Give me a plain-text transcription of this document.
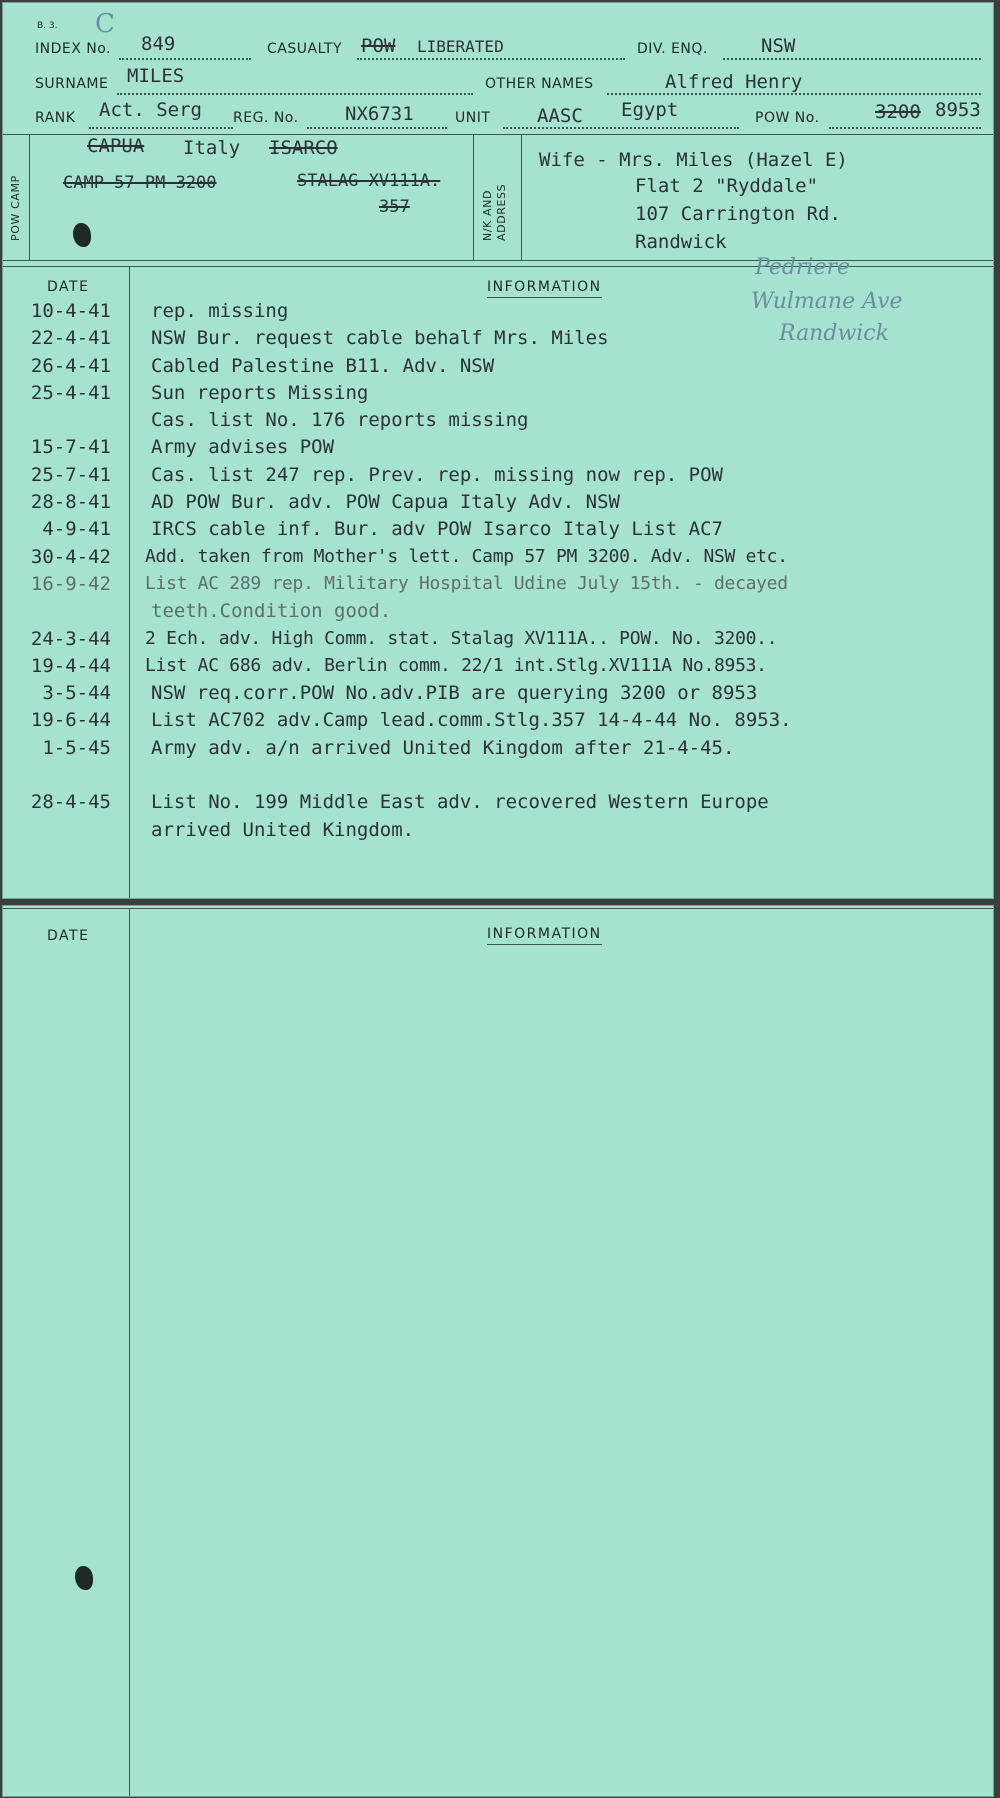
B. 3. C
INDEX No. 849	CASUALTY POW LIBERATED	DIV. ENQ.	NSW
SURNAME MILES	OTHER NAMES	Alfred Henry
RANK Act. Serg REG. No. NX6731	UNIT AASC Egypt	POW No.	3200 8953
POW CAMP	N/K AND ADDRESS
CAPUA Italy ISARCO
CAMP 57 PM 3200	STALAG XV111A.
357
Wife - Mrs. Miles (Hazel E)
Flat 2 "Ryddale"
107 Carrington Rd.
Randwick
DATE	INFORMATION
Pedriere
Wulmane Ave
Randwick
10-4-41 rep. missing
22-4-41 NSW Bur. request cable behalf Mrs. Miles
26-4-41 Cabled Palestine B11. Adv. NSW
25-4-41 Sun reports Missing
Cas. list No. 176 reports missing
15-7-41 Army advises POW
25-7-41 Cas. list 247 rep. Prev. rep. missing now rep. POW
28-8-41 AD POW Bur. adv. POW Capua Italy Adv. NSW
4-9-41 IRCS cable inf. Bur. adv POW Isarco Italy List AC7
30-4-42 Add. taken from Mother's lett. Camp 57 PM 3200. Adv. NSW etc.
16-9-42 List AC 289 rep. Military Hospital Udine July 15th. - decayed
teeth.Condition good.
24-3-44 2 Ech. adv. High Comm. stat. Stalag XV111A.. POW. No. 3200..
19-4-44 List AC 686 adv. Berlin comm. 22/1 int.Stlg.XV111A No.8953.
3-5-44 NSW req.corr.POW No.adv.PIB are querying 3200 or 8953
19-6-44 List AC702 adv.Camp lead.comm.Stlg.357 14-4-44 No. 8953.
1-5-45 Army adv. a/n arrived United Kingdom after 21-4-45.
28-4-45 List No. 199 Middle East adv. recovered Western Europe
arrived United Kingdom.
DATE	INFORMATION
